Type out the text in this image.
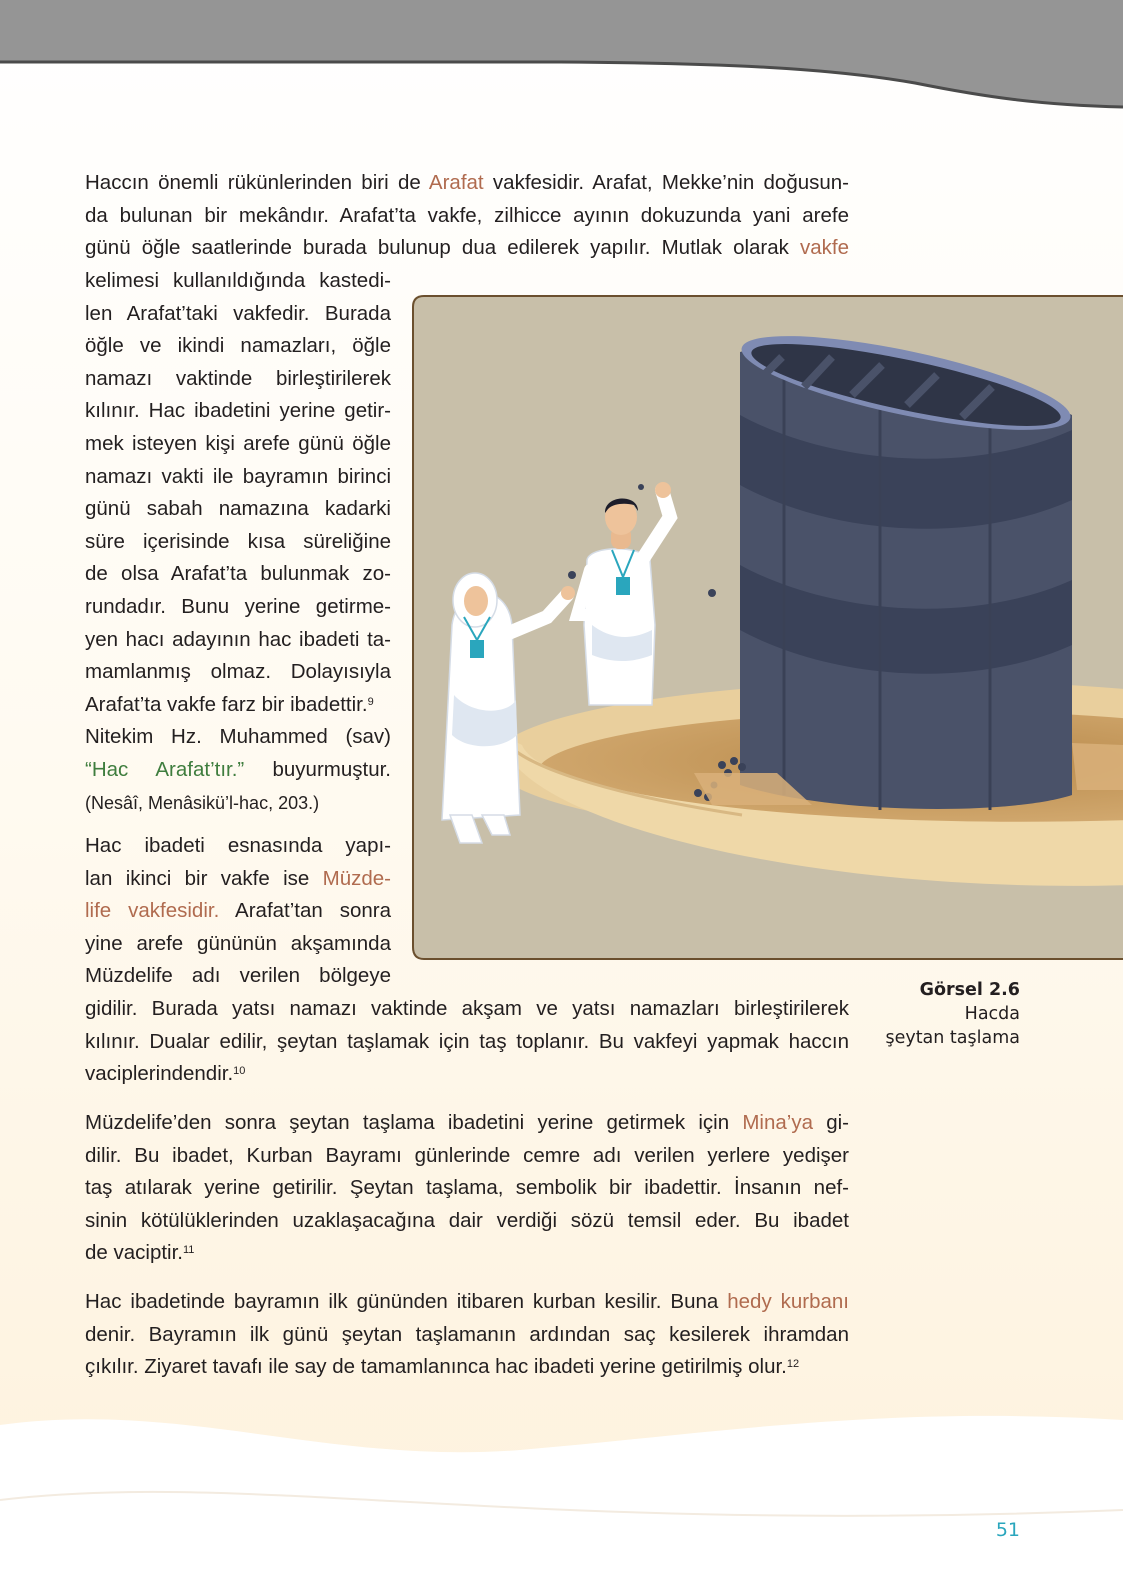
Haccın önemli rükünlerinden biri de Arafat vakfesidir. Arafat, Mekke’nin doğusun-
da bulunan bir mekândır. Arafat’ta vakfe, zilhicce ayının dokuzunda yani arefe
günü öğle saatlerinde burada bulunup dua edilerek yapılır. Mutlak olarak vakfe
kelimesi kullanıldığında kastedi-
len Arafat’taki vakfedir. Burada
öğle ve ikindi namazları, öğle
namazı vaktinde birleştirilerek
kılınır. Hac ibadetini yerine getir-
mek isteyen kişi arefe günü öğle
namazı vakti ile bayramın birinci
günü sabah namazına kadarki
süre içerisinde kısa süreliğine
de olsa Arafat’ta bulunmak zo-
rundadır. Bunu yerine getirme-
yen hacı adayının hac ibadeti ta-
mamlanmış olmaz. Dolayısıyla
Arafat’ta vakfe farz bir ibadettir.$^9$
Nitekim Hz. Muhammed (sav)
“Hac Arafat’tır.” buyurmuştur.
(Nesâî, Menâsikü’l-hac, 203.)
Hac ibadeti esnasında yapı-
lan ikinci bir vakfe ise Müzde-
life vakfesidir. Arafat’tan sonra
yine arefe gününün akşamında
Müzdelife adı verilen bölgeye
gidilir. Burada yatsı namazı vaktinde akşam ve yatsı namazları birleştirilerek
kılınır. Dualar edilir, şeytan taşlamak için taş toplanır. Bu vakfeyi yapmak haccın
vaciplerindendir.$^{10}$
Müzdelife’den sonra şeytan taşlama ibadetini yerine getirmek için Mina’ya gi-
dilir. Bu ibadet, Kurban Bayramı günlerinde cemre adı verilen yerlere yedişer
taş atılarak yerine getirilir. Şeytan taşlama, sembolik bir ibadettir. İnsanın nef-
sinin kötülüklerinden uzaklaşacağına dair verdiği sözü temsil eder. Bu ibadet
de vaciptir.$^{11}$
Hac ibadetinde bayramın ilk gününden itibaren kurban kesilir. Buna hedy kurbanı
denir. Bayramın ilk günü şeytan taşlamanın ardından saç kesilerek ihramdan
çıkılır. Ziyaret tavafı ile say de tamamlanınca hac ibadeti yerine getirilmiş olur.$^{12}$
Görsel 2.6
Hacda
şeytan taşlama
51
